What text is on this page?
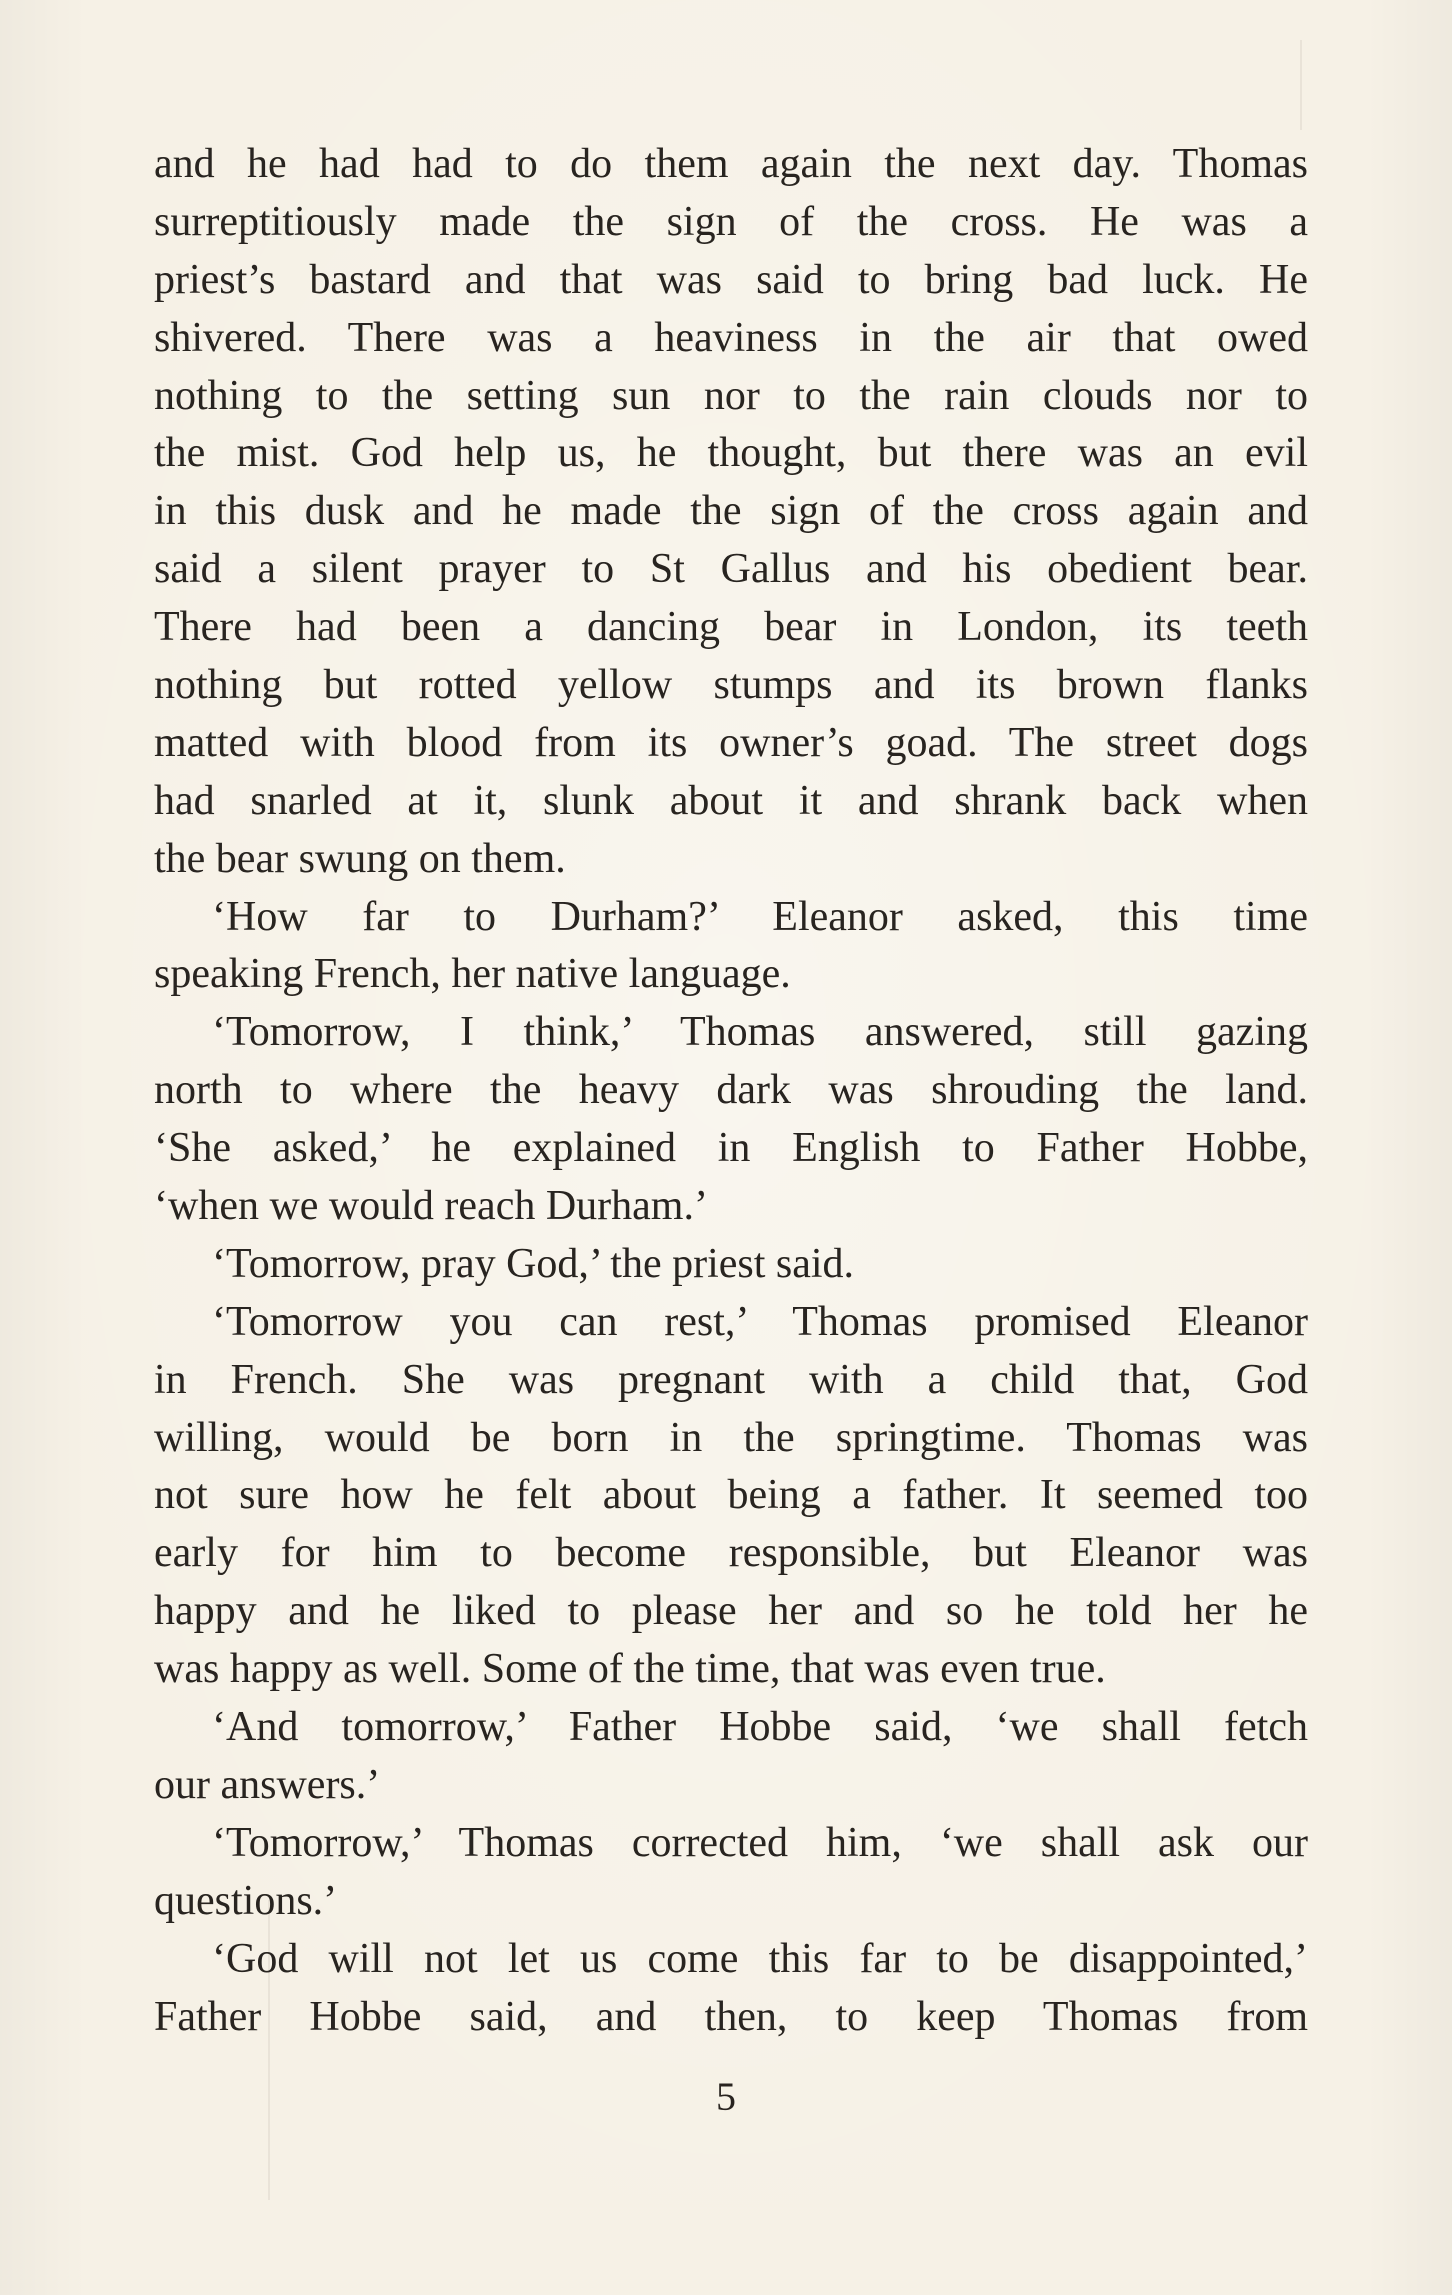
and he had had to do them again the next day. Thomas
surreptitiously made the sign of the cross. He was a
priest’s bastard and that was said to bring bad luck. He
shivered. There was a heaviness in the air that owed
nothing to the setting sun nor to the rain clouds nor to
the mist. God help us, he thought, but there was an evil
in this dusk and he made the sign of the cross again and
said a silent prayer to St Gallus and his obedient bear.
There had been a dancing bear in London, its teeth
nothing but rotted yellow stumps and its brown flanks
matted with blood from its owner’s goad. The street dogs
had snarled at it, slunk about it and shrank back when
the bear swung on them.
‘How far to Durham?’ Eleanor asked, this time
speaking French, her native language.
‘Tomorrow, I think,’ Thomas answered, still gazing
north to where the heavy dark was shrouding the land.
‘She asked,’ he explained in English to Father Hobbe,
‘when we would reach Durham.’
‘Tomorrow, pray God,’ the priest said.
‘Tomorrow you can rest,’ Thomas promised Eleanor
in French. She was pregnant with a child that, God
willing, would be born in the springtime. Thomas was
not sure how he felt about being a father. It seemed too
early for him to become responsible, but Eleanor was
happy and he liked to please her and so he told her he
was happy as well. Some of the time, that was even true.
‘And tomorrow,’ Father Hobbe said, ‘we shall fetch
our answers.’
‘Tomorrow,’ Thomas corrected him, ‘we shall ask our
questions.’
‘God will not let us come this far to be disappointed,’
Father Hobbe said, and then, to keep Thomas from
5
